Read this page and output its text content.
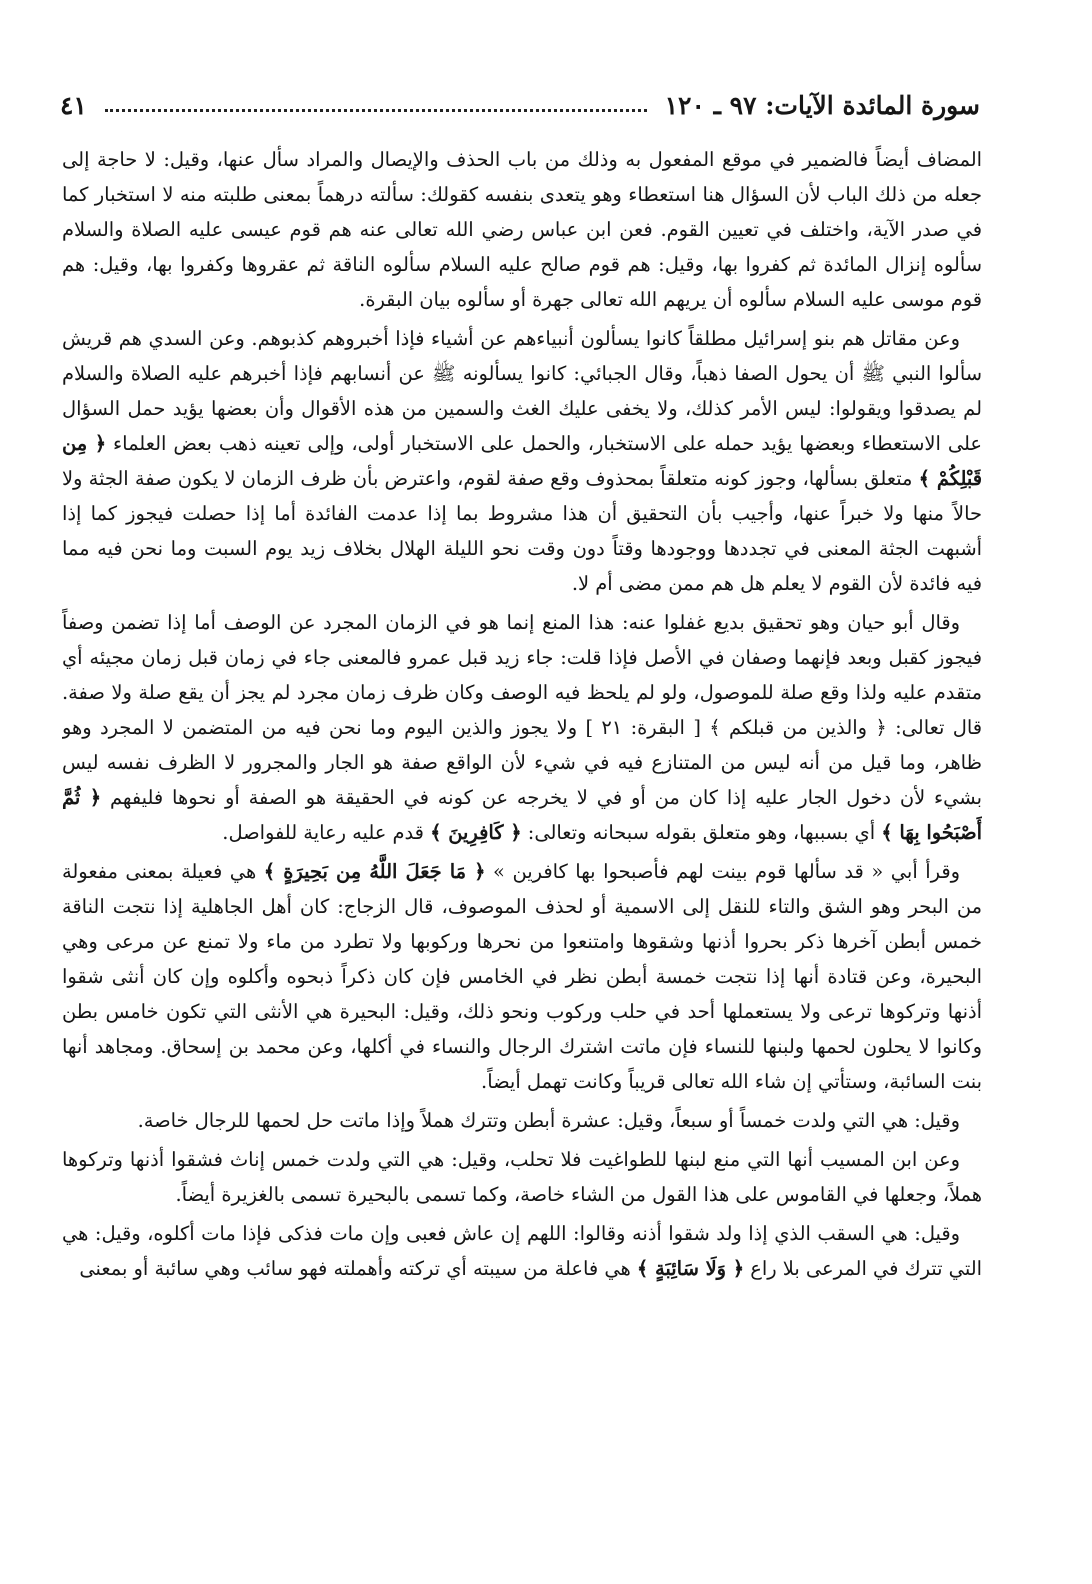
سورة المائدة الآيات: ٩٧ ـ ١٢٠
٤١

المضاف أيضاً فالضمير في موقع المفعول به وذلك من باب الحذف والإيصال والمراد سأل عنها، وقيل: لا حاجة إلى جعله من ذلك الباب لأن السؤال هنا استعطاء وهو يتعدى بنفسه كقولك: سألته درهماً بمعنى طلبته منه لا استخبار كما في صدر الآية، واختلف في تعيين القوم. فعن ابن عباس رضي الله تعالى عنه هم قوم عيسى عليه الصلاة والسلام سألوه إنزال المائدة ثم كفروا بها، وقيل: هم قوم صالح عليه السلام سألوه الناقة ثم عقروها وكفروا بها، وقيل: هم قوم موسى عليه السلام سألوه أن يريهم الله تعالى جهرة أو سألوه بيان البقرة.

وعن مقاتل هم بنو إسرائيل مطلقاً كانوا يسألون أنبياءهم عن أشياء فإذا أخبروهم كذبوهم. وعن السدي هم قريش سألوا النبي ﷺ أن يحول الصفا ذهباً، وقال الجبائي: كانوا يسألونه ﷺ عن أنسابهم فإذا أخبرهم عليه الصلاة والسلام لم يصدقوا ويقولوا: ليس الأمر كذلك، ولا يخفى عليك الغث والسمين من هذه الأقوال وأن بعضها يؤيد حمل السؤال على الاستعطاء وبعضها يؤيد حمله على الاستخبار، والحمل على الاستخبار أولى، وإلى تعينه ذهب بعض العلماء ﴿ مِن قَبْلِكُمْ ﴾ متعلق بسألها، وجوز كونه متعلقاً بمحذوف وقع صفة لقوم، واعترض بأن ظرف الزمان لا يكون صفة الجثة ولا حالاً منها ولا خبراً عنها، وأجيب بأن التحقيق أن هذا مشروط بما إذا عدمت الفائدة أما إذا حصلت فيجوز كما إذا أشبهت الجثة المعنى في تجددها ووجودها وقتاً دون وقت نحو الليلة الهلال بخلاف زيد يوم السبت وما نحن فيه مما فيه فائدة لأن القوم لا يعلم هل هم ممن مضى أم لا.

وقال أبو حيان وهو تحقيق بديع غفلوا عنه: هذا المنع إنما هو في الزمان المجرد عن الوصف أما إذا تضمن وصفاً فيجوز كقبل وبعد فإنهما وصفان في الأصل فإذا قلت: جاء زيد قبل عمرو فالمعنى جاء في زمان قبل زمان مجيئه أي متقدم عليه ولذا وقع صلة للموصول، ولو لم يلحظ فيه الوصف وكان ظرف زمان مجرد لم يجز أن يقع صلة ولا صفة. قال تعالى: ﴿ والذين من قبلكم ﴾ [ البقرة: ٢١ ] ولا يجوز والذين اليوم وما نحن فيه من المتضمن لا المجرد وهو ظاهر، وما قيل من أنه ليس من المتنازع فيه في شيء لأن الواقع صفة هو الجار والمجرور لا الظرف نفسه ليس بشيء لأن دخول الجار عليه إذا كان من أو في لا يخرجه عن كونه في الحقيقة هو الصفة أو نحوها فليفهم ﴿ ثُمَّ أَصْبَحُوا بِهَا ﴾ أي بسببها، وهو متعلق بقوله سبحانه وتعالى: ﴿ كَافِرِينَ ﴾ قدم عليه رعاية للفواصل.

وقرأ أبي « قد سألها قوم بينت لهم فأصبحوا بها كافرين » ﴿ مَا جَعَلَ اللَّهُ مِن بَحِيرَةٍ ﴾ هي فعيلة بمعنى مفعولة من البحر وهو الشق والتاء للنقل إلى الاسمية أو لحذف الموصوف، قال الزجاج: كان أهل الجاهلية إذا نتجت الناقة خمس أبطن آخرها ذكر بحروا أذنها وشقوها وامتنعوا من نحرها وركوبها ولا تطرد من ماء ولا تمنع عن مرعى وهي البحيرة، وعن قتادة أنها إذا نتجت خمسة أبطن نظر في الخامس فإن كان ذكراً ذبحوه وأكلوه وإن كان أنثى شقوا أذنها وتركوها ترعى ولا يستعملها أحد في حلب وركوب ونحو ذلك، وقيل: البحيرة هي الأنثى التي تكون خامس بطن وكانوا لا يحلون لحمها ولبنها للنساء فإن ماتت اشترك الرجال والنساء في أكلها، وعن محمد بن إسحاق. ومجاهد أنها بنت السائبة، وستأتي إن شاء الله تعالى قريباً وكانت تهمل أيضاً.

وقيل: هي التي ولدت خمساً أو سبعاً، وقيل: عشرة أبطن وتترك هملاً وإذا ماتت حل لحمها للرجال خاصة.

وعن ابن المسيب أنها التي منع لبنها للطواغيت فلا تحلب، وقيل: هي التي ولدت خمس إناث فشقوا أذنها وتركوها هملاً، وجعلها في القاموس على هذا القول من الشاء خاصة، وكما تسمى بالبحيرة تسمى بالغزيرة أيضاً.

وقيل: هي السقب الذي إذا ولد شقوا أذنه وقالوا: اللهم إن عاش فعبى وإن مات فذكى فإذا مات أكلوه، وقيل: هي التي تترك في المرعى بلا راع ﴿ وَلَا سَائِبَةٍ ﴾ هي فاعلة من سيبته أي تركته وأهملته فهو سائب وهي سائبة أو بمعنى
